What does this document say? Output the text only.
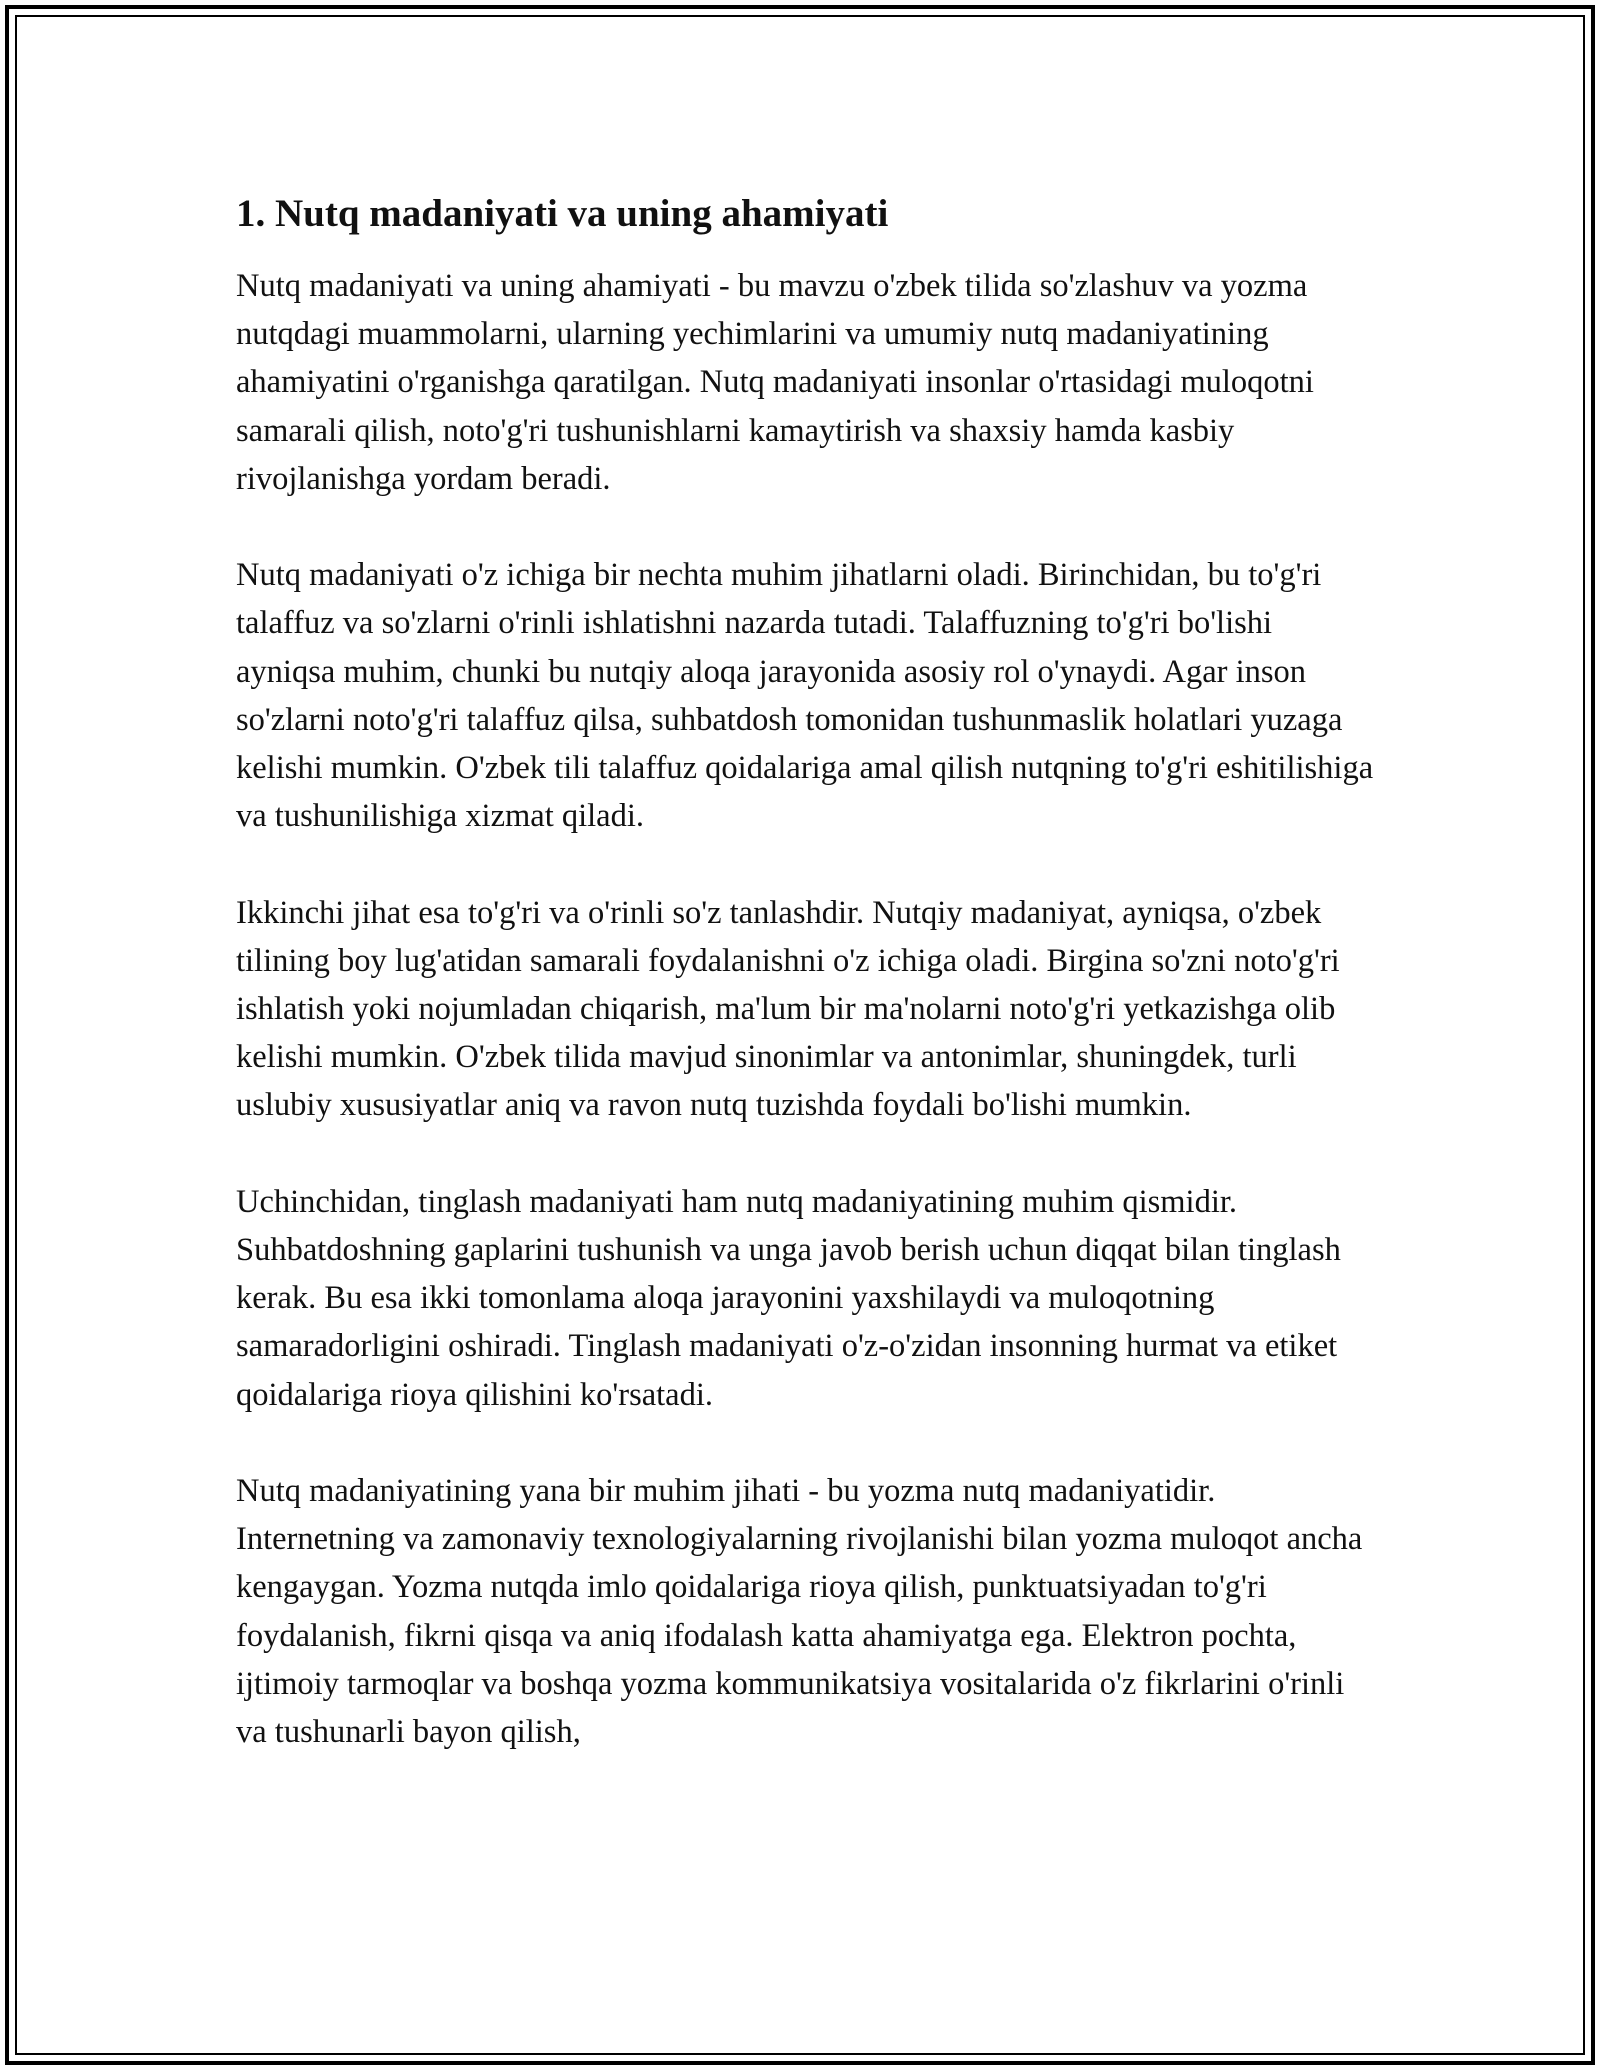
1. Nutq madaniyati va uning ahamiyati

Nutq madaniyati va uning ahamiyati - bu mavzu o'zbek tilida so'zlashuv va yozma nutqdagi muammolarni, ularning yechimlarini va umumiy nutq madaniyatining ahamiyatini o'rganishga qaratilgan. Nutq madaniyati insonlar o'rtasidagi muloqotni samarali qilish, noto'g'ri tushunishlarni kamaytirish va shaxsiy hamda kasbiy rivojlanishga yordam beradi.

Nutq madaniyati o'z ichiga bir nechta muhim jihatlarni oladi. Birinchidan, bu to'g'ri talaffuz va so'zlarni o'rinli ishlatishni nazarda tutadi. Talaffuzning to'g'ri bo'lishi ayniqsa muhim, chunki bu nutqiy aloqa jarayonida asosiy rol o'ynaydi. Agar inson so'zlarni noto'g'ri talaffuz qilsa, suhbatdosh tomonidan tushunmaslik holatlari yuzaga kelishi mumkin. O'zbek tili talaffuz qoidalariga amal qilish nutqning to'g'ri eshitilishiga va tushunilishiga xizmat qiladi.

Ikkinchi jihat esa to'g'ri va o'rinli so'z tanlashdir. Nutqiy madaniyat, ayniqsa, o'zbek tilining boy lug'atidan samarali foydalanishni o'z ichiga oladi. Birgina so'zni noto'g'ri ishlatish yoki nojumladan chiqarish, ma'lum bir ma'nolarni noto'g'ri yetkazishga olib kelishi mumkin. O'zbek tilida mavjud sinonimlar va antonimlar, shuningdek, turli uslubiy xususiyatlar aniq va ravon nutq tuzishda foydali bo'lishi mumkin.

Uchinchidan, tinglash madaniyati ham nutq madaniyatining muhim qismidir. Suhbatdoshning gaplarini tushunish va unga javob berish uchun diqqat bilan tinglash kerak. Bu esa ikki tomonlama aloqa jarayonini yaxshilaydi va muloqotning samaradorligini oshiradi. Tinglash madaniyati o'z-o'zidan insonning hurmat va etiket qoidalariga rioya qilishini ko'rsatadi.

Nutq madaniyatining yana bir muhim jihati - bu yozma nutq madaniyatidir. Internetning va zamonaviy texnologiyalarning rivojlanishi bilan yozma muloqot ancha kengaygan. Yozma nutqda imlo qoidalariga rioya qilish, punktuatsiyadan to'g'ri foydalanish, fikrni qisqa va aniq ifodalash katta ahamiyatga ega. Elektron pochta, ijtimoiy tarmoqlar va boshqa yozma kommunikatsiya vositalarida o'z fikrlarini o'rinli va tushunarli bayon qilish,
